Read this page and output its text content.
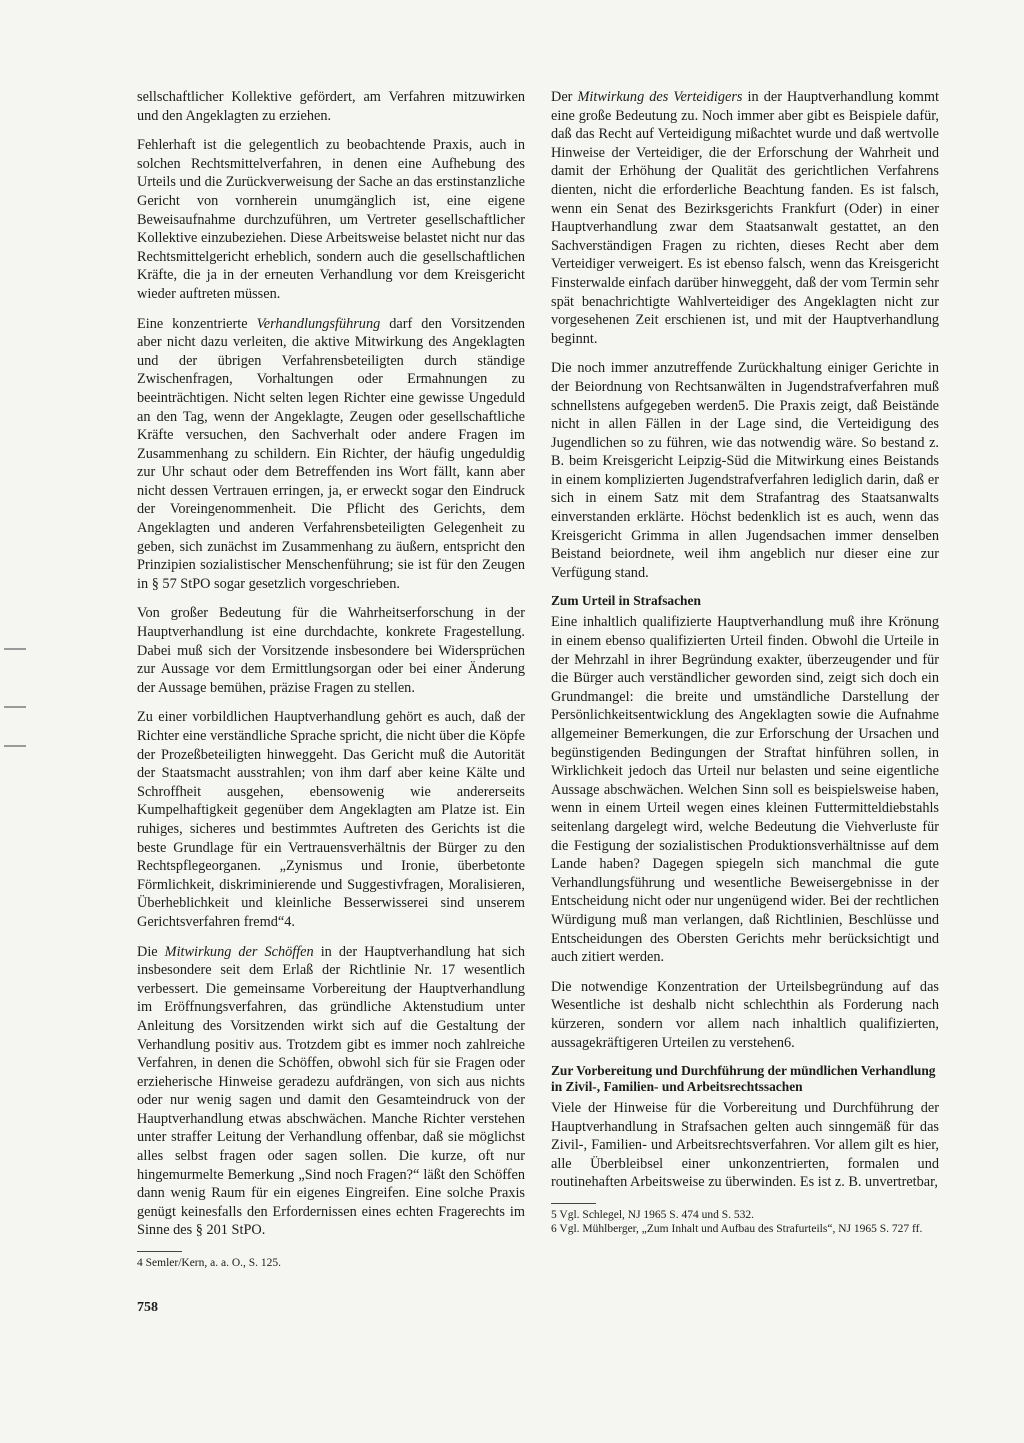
sellschaftlicher Kollektive gefördert, am Verfahren mitzuwirken und den Angeklagten zu erziehen.

Fehlerhaft ist die gelegentlich zu beobachtende Praxis, auch in solchen Rechtsmittelverfahren, in denen eine Aufhebung des Urteils und die Zurückverweisung der Sache an das erstinstanzliche Gericht von vornherein unumgänglich ist, eine eigene Beweisaufnahme durchzuführen, um Vertreter gesellschaftlicher Kollektive einzubeziehen. Diese Arbeitsweise belastet nicht nur das Rechtsmittelgericht erheblich, sondern auch die gesellschaftlichen Kräfte, die ja in der erneuten Verhandlung vor dem Kreisgericht wieder auftreten müssen.

Eine konzentrierte Verhandlungsführung darf den Vorsitzenden aber nicht dazu verleiten, die aktive Mitwirkung des Angeklagten und der übrigen Verfahrensbeteiligten durch ständige Zwischenfragen, Vorhaltungen oder Ermahnungen zu beeinträchtigen. Nicht selten legen Richter eine gewisse Ungeduld an den Tag, wenn der Angeklagte, Zeugen oder gesellschaftliche Kräfte versuchen, den Sachverhalt oder andere Fragen im Zusammenhang zu schildern. Ein Richter, der häufig ungeduldig zur Uhr schaut oder dem Betreffenden ins Wort fällt, kann aber nicht dessen Vertrauen erringen, ja, er erweckt sogar den Eindruck der Voreingenommenheit. Die Pflicht des Gerichts, dem Angeklagten und anderen Verfahrensbeteiligten Gelegenheit zu geben, sich zunächst im Zusammenhang zu äußern, entspricht den Prinzipien sozialistischer Menschenführung; sie ist für den Zeugen in § 57 StPO sogar gesetzlich vorgeschrieben.

Von großer Bedeutung für die Wahrheitserforschung in der Hauptverhandlung ist eine durchdachte, konkrete Fragestellung. Dabei muß sich der Vorsitzende insbesondere bei Widersprüchen zur Aussage vor dem Ermittlungsorgan oder bei einer Änderung der Aussage bemühen, präzise Fragen zu stellen.

Zu einer vorbildlichen Hauptverhandlung gehört es auch, daß der Richter eine verständliche Sprache spricht, die nicht über die Köpfe der Prozeßbeteiligten hinweggeht. Das Gericht muß die Autorität der Staatsmacht ausstrahlen; von ihm darf aber keine Kälte und Schroffheit ausgehen, ebensowenig wie andererseits Kumpelhaftigkeit gegenüber dem Angeklagten am Platze ist. Ein ruhiges, sicheres und bestimmtes Auftreten des Gerichts ist die beste Grundlage für ein Vertrauensverhältnis der Bürger zu den Rechtspflegeorganen. „Zynismus und Ironie, überbetonte Förmlichkeit, diskriminierende und Suggestivfragen, Moralisieren, Überheblichkeit und kleinliche Besserwisserei sind unserem Gerichtsverfahren fremd“4.

Die Mitwirkung der Schöffen in der Hauptverhandlung hat sich insbesondere seit dem Erlaß der Richtlinie Nr. 17 wesentlich verbessert. Die gemeinsame Vorbereitung der Hauptverhandlung im Eröffnungsverfahren, das gründliche Aktenstudium unter Anleitung des Vorsitzenden wirkt sich auf die Gestaltung der Verhandlung positiv aus. Trotzdem gibt es immer noch zahlreiche Verfahren, in denen die Schöffen, obwohl sich für sie Fragen oder erzieherische Hinweise geradezu aufdrängen, von sich aus nichts oder nur wenig sagen und damit den Gesamteindruck von der Hauptverhandlung etwas abschwächen. Manche Richter verstehen unter straffer Leitung der Verhandlung offenbar, daß sie möglichst alles selbst fragen oder sagen sollen. Die kurze, oft nur hingemurmelte Bemerkung „Sind noch Fragen?“ läßt den Schöffen dann wenig Raum für ein eigenes Eingreifen. Eine solche Praxis genügt keinesfalls den Erfordernissen eines echten Fragerechts im Sinne des § 201 StPO.

4 Semler/Kern, a. a. O., S. 125.

Der Mitwirkung des Verteidigers in der Hauptverhandlung kommt eine große Bedeutung zu. Noch immer aber gibt es Beispiele dafür, daß das Recht auf Verteidigung mißachtet wurde und daß wertvolle Hinweise der Verteidiger, die der Erforschung der Wahrheit und damit der Erhöhung der Qualität des gerichtlichen Verfahrens dienten, nicht die erforderliche Beachtung fanden. Es ist falsch, wenn ein Senat des Bezirksgerichts Frankfurt (Oder) in einer Hauptverhandlung zwar dem Staatsanwalt gestattet, an den Sachverständigen Fragen zu richten, dieses Recht aber dem Verteidiger verweigert. Es ist ebenso falsch, wenn das Kreisgericht Finsterwalde einfach darüber hinweggeht, daß der vom Termin sehr spät benachrichtigte Wahlverteidiger des Angeklagten nicht zur vorgesehenen Zeit erschienen ist, und mit der Hauptverhandlung beginnt.

Die noch immer anzutreffende Zurückhaltung einiger Gerichte in der Beiordnung von Rechtsanwälten in Jugendstrafverfahren muß schnellstens aufgegeben werden5. Die Praxis zeigt, daß Beistände nicht in allen Fällen in der Lage sind, die Verteidigung des Jugendlichen so zu führen, wie das notwendig wäre. So bestand z. B. beim Kreisgericht Leipzig-Süd die Mitwirkung eines Beistands in einem komplizierten Jugendstrafverfahren lediglich darin, daß er sich in einem Satz mit dem Strafantrag des Staatsanwalts einverstanden erklärte. Höchst bedenklich ist es auch, wenn das Kreisgericht Grimma in allen Jugendsachen immer denselben Beistand beiordnete, weil ihm angeblich nur dieser eine zur Verfügung stand.

Zum Urteil in Strafsachen

Eine inhaltlich qualifizierte Hauptverhandlung muß ihre Krönung in einem ebenso qualifizierten Urteil finden. Obwohl die Urteile in der Mehrzahl in ihrer Begründung exakter, überzeugender und für die Bürger auch verständlicher geworden sind, zeigt sich doch ein Grundmangel: die breite und umständliche Darstellung der Persönlichkeitsentwicklung des Angeklagten sowie die Aufnahme allgemeiner Bemerkungen, die zur Erforschung der Ursachen und begünstigenden Bedingungen der Straftat hinführen sollen, in Wirklichkeit jedoch das Urteil nur belasten und seine eigentliche Aussage abschwächen. Welchen Sinn soll es beispielsweise haben, wenn in einem Urteil wegen eines kleinen Futtermitteldiebstahls seitenlang dargelegt wird, welche Bedeutung die Viehverluste für die Festigung der sozialistischen Produktionsverhältnisse auf dem Lande haben? Dagegen spiegeln sich manchmal die gute Verhandlungsführung und wesentliche Beweisergebnisse in der Entscheidung nicht oder nur ungenügend wider. Bei der rechtlichen Würdigung muß man verlangen, daß Richtlinien, Beschlüsse und Entscheidungen des Obersten Gerichts mehr berücksichtigt und auch zitiert werden.

Die notwendige Konzentration der Urteilsbegründung auf das Wesentliche ist deshalb nicht schlechthin als Forderung nach kürzeren, sondern vor allem nach inhaltlich qualifizierten, aussagekräftigeren Urteilen zu verstehen6.

Zur Vorbereitung und Durchführung der mündlichen Verhandlung in Zivil-, Familien- und Arbeitsrechtssachen

Viele der Hinweise für die Vorbereitung und Durchführung der Hauptverhandlung in Strafsachen gelten auch sinngemäß für das Zivil-, Familien- und Arbeitsrechtsverfahren. Vor allem gilt es hier, alle Überbleibsel einer unkonzentrierten, formalen und routinehaften Arbeitsweise zu überwinden. Es ist z. B. unvertretbar,

5 Vgl. Schlegel, NJ 1965 S. 474 und S. 532.

6 Vgl. Mühlberger, „Zum Inhalt und Aufbau des Strafurteils“, NJ 1965 S. 727 ff.

758
